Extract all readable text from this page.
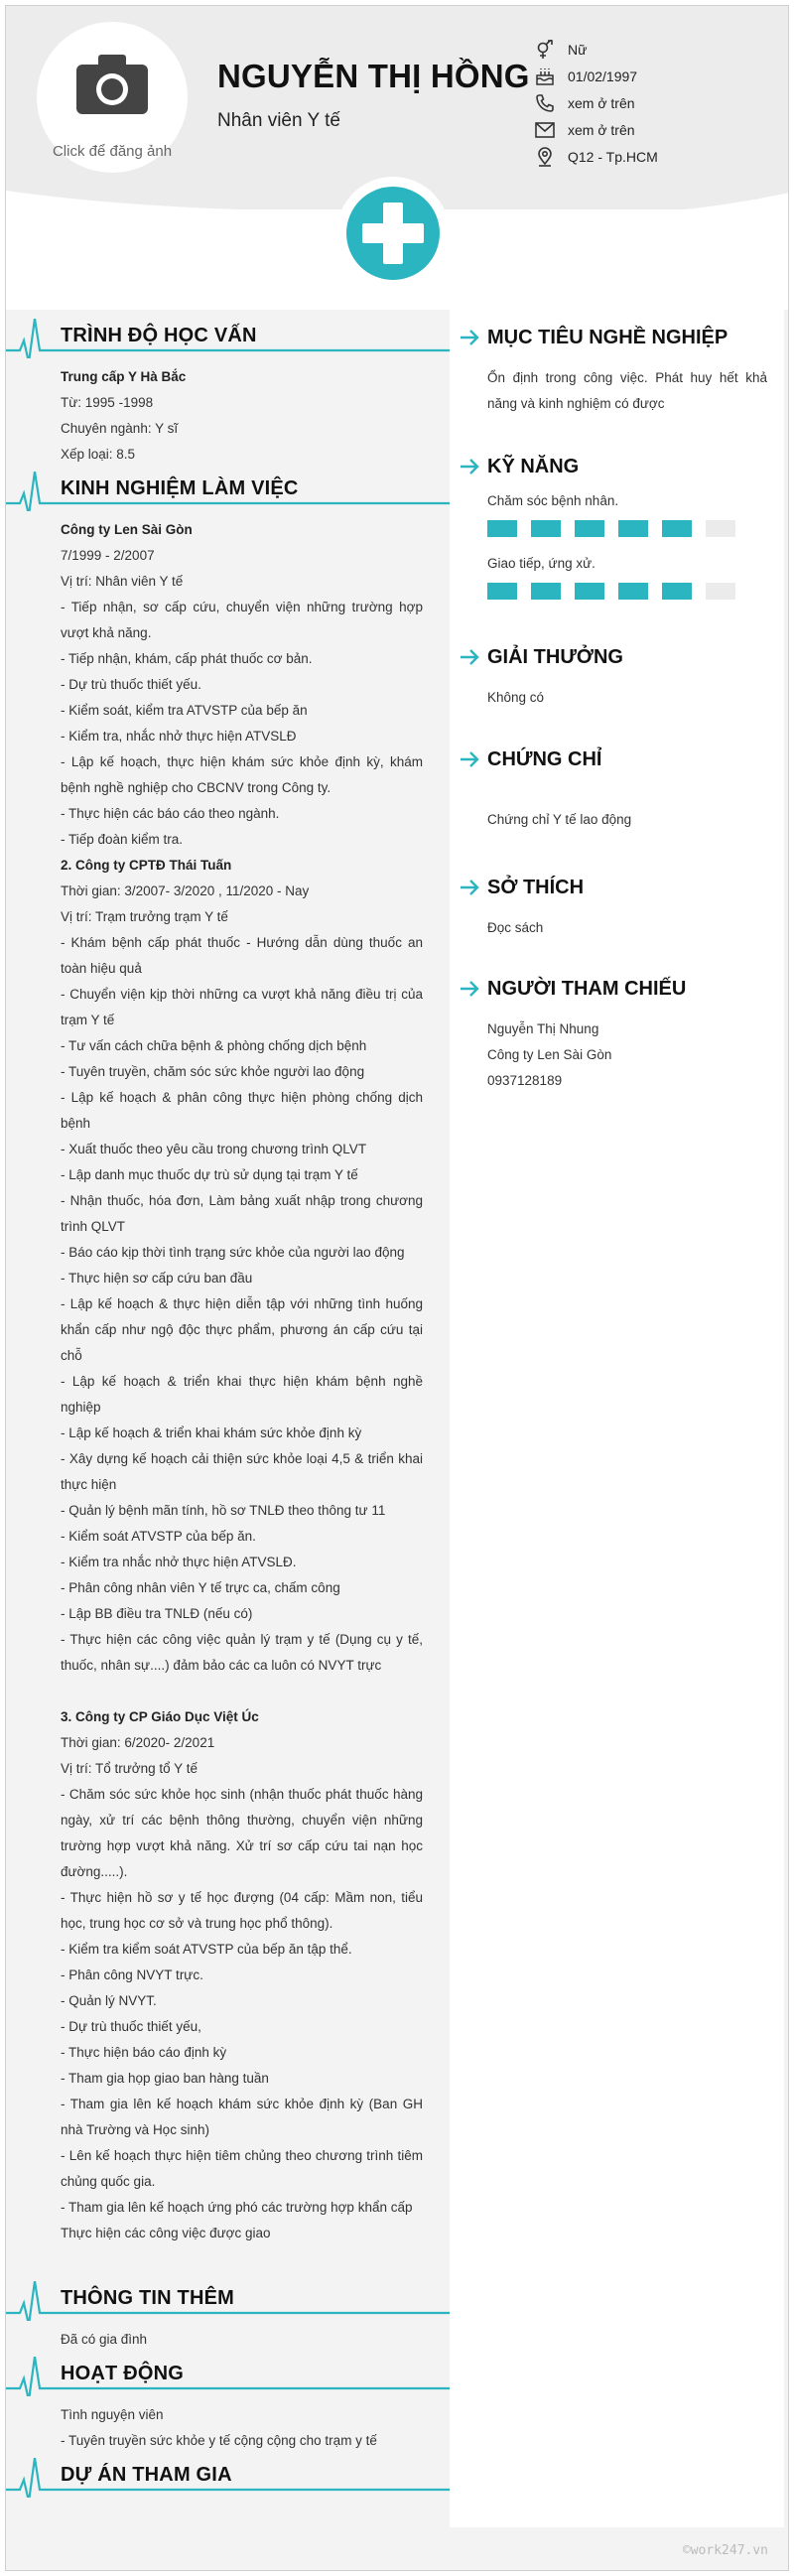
Click để đăng ảnh
NGUYỄN THỊ HỒNG
Nhân viên Y tế
Nữ
01/02/1997
xem ở trên
xem ở trên
Q12 - Tp.HCM
TRÌNH ĐỘ HỌC VẤN
Trung cấp Y Hà Bắc
Từ: 1995 -1998
Chuyên ngành: Y sĩ
Xếp loại: 8.5
KINH NGHIỆM LÀM VIỆC
Công ty Len Sài Gòn
7/1999 - 2/2007
Vị trí: Nhân viên Y tế
- Tiếp nhận, sơ cấp cứu, chuyển viện những trường hợp vượt khả năng.
- Tiếp nhận, khám, cấp phát thuốc cơ bản.
- Dự trù thuốc thiết yếu.
- Kiểm soát, kiểm tra ATVSTP của bếp ăn
- Kiểm tra, nhắc nhở thực hiện ATVSLĐ
- Lập kế hoạch, thực hiện khám sức khỏe định kỳ, khám bệnh nghề nghiệp cho CBCNV trong Công ty.
- Thực hiện các báo cáo theo ngành.
- Tiếp đoàn kiểm tra.
2. Công ty CPTĐ Thái Tuấn
Thời gian: 3/2007- 3/2020 , 11/2020 - Nay
Vị trí: Trạm trưởng trạm Y tế
- Khám bệnh cấp phát thuốc - Hướng dẫn dùng thuốc an toàn hiệu quả
- Chuyển viện kịp thời những ca vượt khả năng điều trị của trạm Y tế
- Tư vấn cách chữa bệnh & phòng chống dịch bệnh
- Tuyên truyền, chăm sóc sức khỏe người lao động
- Lập kế hoạch & phân công thực hiện phòng chống dịch bệnh
- Xuất thuốc theo yêu cầu trong chương trình QLVT
- Lập danh mục thuốc dự trù sử dụng tại trạm Y tế
- Nhận thuốc, hóa đơn, Làm bảng xuất nhập trong chương trình QLVT
- Báo cáo kịp thời tình trạng sức khỏe của người lao động
- Thực hiện sơ cấp cứu ban đầu
- Lập kế hoạch & thực hiện diễn tập với những tình huống khẩn cấp như ngộ độc thực phẩm, phương án cấp cứu tại chỗ
- Lập kế hoạch & triển khai thực hiện khám bệnh nghề nghiệp
- Lập kế hoạch & triển khai khám sức khỏe định kỳ
- Xây dựng kế hoạch cải thiện sức khỏe loại 4,5 & triển khai thực hiện
- Quản lý bệnh mãn tính, hồ sơ TNLĐ theo thông tư 11
- Kiểm soát ATVSTP của bếp ăn.
- Kiểm tra nhắc nhở thực hiện ATVSLĐ.
- Phân công nhân viên Y tế trực ca, chấm công
- Lập BB điều tra TNLĐ (nếu có)
- Thực hiện các công việc quản lý trạm y tế (Dụng cụ y tế, thuốc, nhân sự....) đảm bảo các ca luôn có NVYT trực
3. Công ty CP Giáo Dục Việt Úc
Thời gian: 6/2020- 2/2021
Vị trí: Tổ trưởng tổ Y tế
- Chăm sóc sức khỏe học sinh (nhận thuốc phát thuốc hàng ngày, xử trí các bệnh thông thường, chuyển viện những trường hợp vượt khả năng. Xử trí sơ cấp cứu tai nạn học đường.....).
- Thực hiện hồ sơ y tế học đượng (04 cấp: Mầm non, tiểu học, trung học cơ sở và trung học phổ thông).
- Kiểm tra kiểm soát ATVSTP của bếp ăn tập thể.
- Phân công NVYT trực.
- Quản lý NVYT.
- Dự trù thuốc thiết yếu,
- Thực hiện báo cáo định kỳ
- Tham gia họp giao ban hàng tuần
- Tham gia lên kế hoạch khám sức khỏe định kỳ (Ban GH nhà Trường và Học sinh)
- Lên kế hoạch thực hiện tiêm chủng theo chương trình tiêm chủng quốc gia.
- Tham gia lên kế hoạch ứng phó các trường hợp khẩn cấp
Thực hiện các công việc được giao
THÔNG TIN THÊM
Đã có gia đình
HOẠT ĐỘNG
Tình nguyện viên
- Tuyên truyền sức khỏe y tế cộng cộng cho trạm y tế
DỰ ÁN THAM GIA
MỤC TIÊU NGHỀ NGHIỆP
Ổn định trong công việc. Phát huy hết khả năng và kinh nghiệm có được
KỸ NĂNG
Chăm sóc bệnh nhân.
Giao tiếp, ứng xử.
GIẢI THƯỞNG
Không có
CHỨNG CHỈ
Chứng chỉ Y tế lao động
SỞ THÍCH
Đọc sách
NGƯỜI THAM CHIẾU
Nguyễn Thị Nhung
Công ty Len Sài Gòn
0937128189
©work247.vn
